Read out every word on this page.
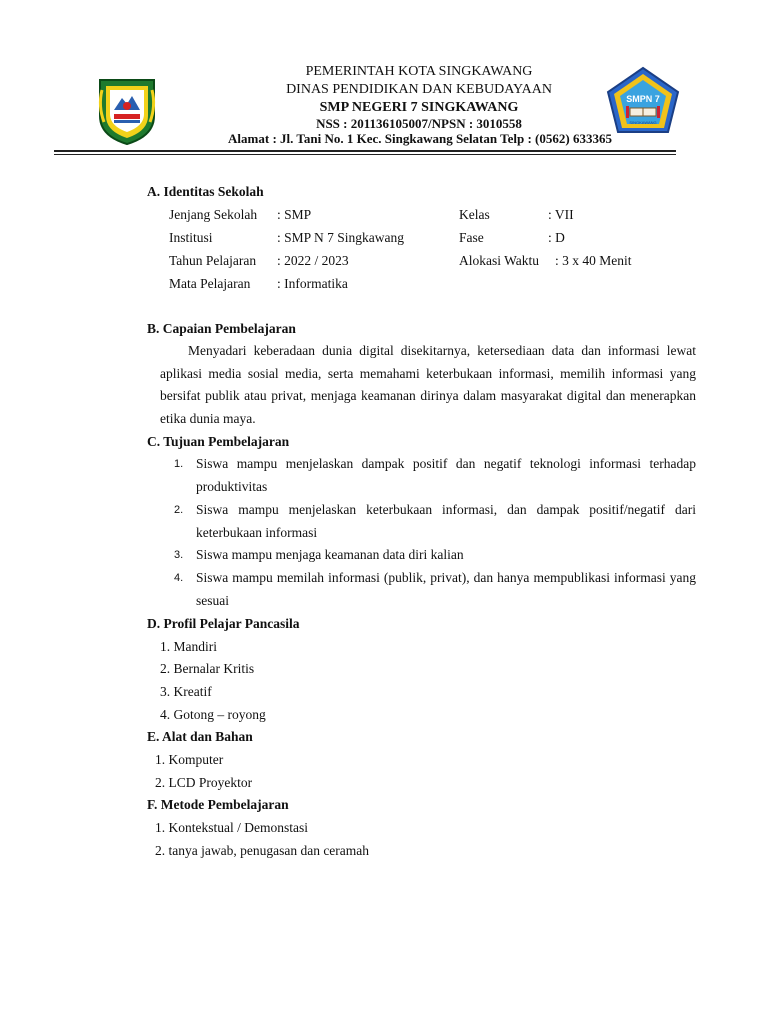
PEMERINTAH KOTA SINGKAWANG
DINAS PENDIDIKAN DAN KEBUDAYAAN
SMP NEGERI 7 SINGKAWANG
NSS : 201136105007/NPSN : 3010558
Alamat : Jl. Tani No. 1 Kec. Singkawang Selatan Telp : (0562) 633365
SMPN 7
SINGKAWANG
A. Identitas Sekolah
Jenjang Sekolah : SMP	Kelas	: VII
Institusi	: SMP N 7 Singkawang	Fase	: D
Tahun Pelajaran : 2022 / 2023	Alokasi Waktu : 3 x 40 Menit
Mata Pelajaran : Informatika
B. Capaian Pembelajaran
Menyadari keberadaan dunia digital disekitarnya, ketersediaan data dan informasi lewat aplikasi media sosial media, serta memahami keterbukaan informasi, memilih informasi yang bersifat publik atau privat, menjaga keamanan dirinya dalam masyarakat digital dan menerapkan etika dunia maya.
C. Tujuan Pembelajaran
1. Siswa mampu menjelaskan dampak positif dan negatif teknologi informasi terhadap produktivitas
2. Siswa mampu menjelaskan keterbukaan informasi, dan dampak positif/negatif dari keterbukaan informasi
3. Siswa mampu menjaga keamanan data diri kalian
4. Siswa mampu memilah informasi (publik, privat), dan hanya mempublikasi informasi yang sesuai
D. Profil Pelajar Pancasila
1. Mandiri
2. Bernalar Kritis
3. Kreatif
4. Gotong – royong
E. Alat dan Bahan
1. Komputer
2. LCD Proyektor
F. Metode Pembelajaran
1. Kontekstual / Demonstasi
2. tanya jawab, penugasan dan ceramah
